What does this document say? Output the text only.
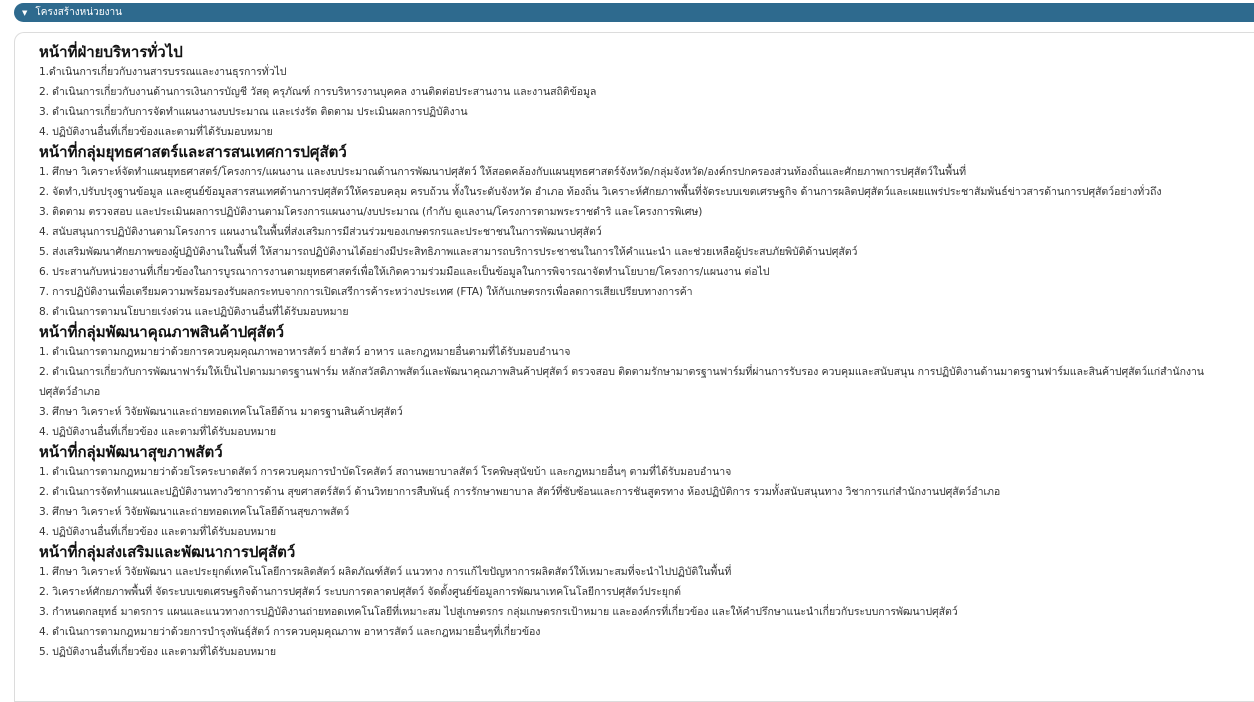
▼ โครงสร้างหน่วยงาน
หน้าที่ฝ่ายบริหารทั่วไป

1.ดำเนินการเกี่ยวกับงานสารบรรณและงานธุรการทั่วไป

2. ดำเนินการเกี่ยวกับงานด้านการเงินการบัญชี วัสดุ ครุภัณฑ์ การบริหารงานบุคคล งานติดต่อประสานงาน และงานสถิติข้อมูล

3. ดำเนินการเกี่ยวกับการจัดทำแผนงานงบประมาณ และเร่งรัด ติดตาม ประเมินผลการปฏิบัติงาน

4. ปฏิบัติงานอื่นที่เกี่ยวข้องและตามที่ได้รับมอบหมาย

หน้าที่กลุ่มยุทธศาสตร์และสารสนเทศการปศุสัตว์

1. ศึกษา วิเคราะห์จัดทำแผนยุทธศาสตร์/โครงการ/แผนงาน และงบประมาณด้านการพัฒนาปศุสัตว์ ให้สอดคล้องกับแผนยุทธศาสตร์จังหวัด/กลุ่มจังหวัด/องค์กรปกครองส่วนท้องถิ่นและศักยภาพการปศุสัตว์ในพื้นที่

2. จัดทำ,ปรับปรุงฐานข้อมูล และศูนย์ข้อมูลสารสนเทศด้านการปศุสัตว์ให้ครอบคลุม ครบถ้วน ทั้งในระดับจังหวัด อำเภอ ท้องถิ่น วิเคราะห์ศักยภาพพื้นที่จัดระบบเขตเศรษฐกิจ ด้านการผลิตปศุสัตว์และเผยแพร่ประชาสัมพันธ์ข่าวสารด้านการปศุสัตว์อย่างทั่วถึง

3. ติดตาม ตรวจสอบ และประเมินผลการปฏิบัติงานตามโครงการแผนงาน/งบประมาณ (กำกับ ดูแลงาน/โครงการตามพระราชดำริ และโครงการพิเศษ)

4. สนับสนุนการปฏิบัติงานตามโครงการ แผนงานในพื้นที่ส่งเสริมการมีส่วนร่วมของเกษตรกรและประชาชนในการพัฒนาปศุสัตว์

5. ส่งเสริมพัฒนาศักยภาพของผู้ปฏิบัติงานในพื้นที่ ให้สามารถปฏิบัติงานได้อย่างมีประสิทธิภาพและสามารถบริการประชาชนในการให้คำแนะนำ และช่วยเหลือผู้ประสบภัยพิบัติด้านปศุสัตว์

6. ประสานกับหน่วยงานที่เกี่ยวข้องในการบูรณาการงานตามยุทธศาสตร์เพื่อให้เกิดความร่วมมือและเป็นข้อมูลในการพิจารณาจัดทำนโยบาย/โครงการ/แผนงาน ต่อไป

7. การปฏิบัติงานเพื่อเตรียมความพร้อมรองรับผลกระทบจากการเปิดเสรีการค้าระหว่างประเทศ (FTA) ให้กับเกษตรกรเพื่อลดการเสียเปรียบทางการค้า

8. ดำเนินการตามนโยบายเร่งด่วน และปฏิบัติงานอื่นที่ได้รับมอบหมาย

หน้าที่กลุ่มพัฒนาคุณภาพสินค้าปศุสัตว์

1. ดำเนินการตามกฎหมายว่าด้วยการควบคุมคุณภาพอาหารสัตว์ ยาสัตว์ อาหาร และกฎหมายอื่นตามที่ได้รับมอบอำนาจ

2. ดำเนินการเกี่ยวกับการพัฒนาฟาร์มให้เป็นไปตามมาตรฐานฟาร์ม หลักสวัสดิภาพสัตว์และพัฒนาคุณภาพสินค้าปศุสัตว์ ตรวจสอบ ติดตามรักษามาตรฐานฟาร์มที่ผ่านการรับรอง ควบคุมและสนับสนุน การปฏิบัติงานด้านมาตรฐานฟาร์มและสินค้าปศุสัตว์แก่สำนักงานปศุสัตว์อำเภอ

3. ศึกษา วิเคราะห์ วิจัยพัฒนาและถ่ายทอดเทคโนโลยีด้าน มาตรฐานสินค้าปศุสัตว์

4. ปฏิบัติงานอื่นที่เกี่ยวข้อง และตามที่ได้รับมอบหมาย

หน้าที่กลุ่มพัฒนาสุขภาพสัตว์

1. ดำเนินการตามกฎหมายว่าด้วยโรคระบาดสัตว์ การควบคุมการบำบัดโรคสัตว์ สถานพยาบาลสัตว์ โรคพิษสุนัขบ้า และกฎหมายอื่นๆ ตามที่ได้รับมอบอำนาจ

2. ดำเนินการจัดทำแผนและปฏิบัติงานทางวิชาการด้าน สุขศาสตร์สัตว์ ด้านวิทยาการสืบพันธุ์ การรักษาพยาบาล สัตว์ที่ซับซ้อนและการชันสูตรทาง ห้องปฏิบัติการ รวมทั้งสนับสนุนทาง วิชาการแก่สำนักงานปศุสัตว์อำเภอ

3. ศึกษา วิเคราะห์ วิจัยพัฒนาและถ่ายทอดเทคโนโลยีด้านสุขภาพสัตว์

4. ปฏิบัติงานอื่นที่เกี่ยวข้อง และตามที่ได้รับมอบหมาย

หน้าที่กลุ่มส่งเสริมและพัฒนาการปศุสัตว์

1. ศึกษา วิเคราะห์ วิจัยพัฒนา และประยุกต์เทคโนโลยีการผลิตสัตว์ ผลิตภัณฑ์สัตว์ แนวทาง การแก้ไขปัญหาการผลิตสัตว์ให้เหมาะสมที่จะนำไปปฏิบัติในพื้นที่

2. วิเคราะห์ศักยภาพพื้นที่ จัดระบบเขตเศรษฐกิจด้านการปศุสัตว์ ระบบการตลาดปศุสัตว์ จัดตั้งศูนย์ข้อมูลการพัฒนาเทคโนโลยีการปศุสัตว์ประยุกต์

3. กำหนดกลยุทธ์ มาตรการ แผนและแนวทางการปฏิบัติงานถ่ายทอดเทคโนโลยีที่เหมาะสม ไปสู่เกษตรกร กลุ่มเกษตรกรเป้าหมาย และองค์กรที่เกี่ยวข้อง และให้คำปรึกษาแนะนำเกี่ยวกับระบบการพัฒนาปศุสัตว์

4. ดำเนินการตามกฎหมายว่าด้วยการบำรุงพันธุ์สัตว์ การควบคุมคุณภาพ อาหารสัตว์ และกฎหมายอื่นๆที่เกี่ยวข้อง

5. ปฏิบัติงานอื่นที่เกี่ยวข้อง และตามที่ได้รับมอบหมาย
